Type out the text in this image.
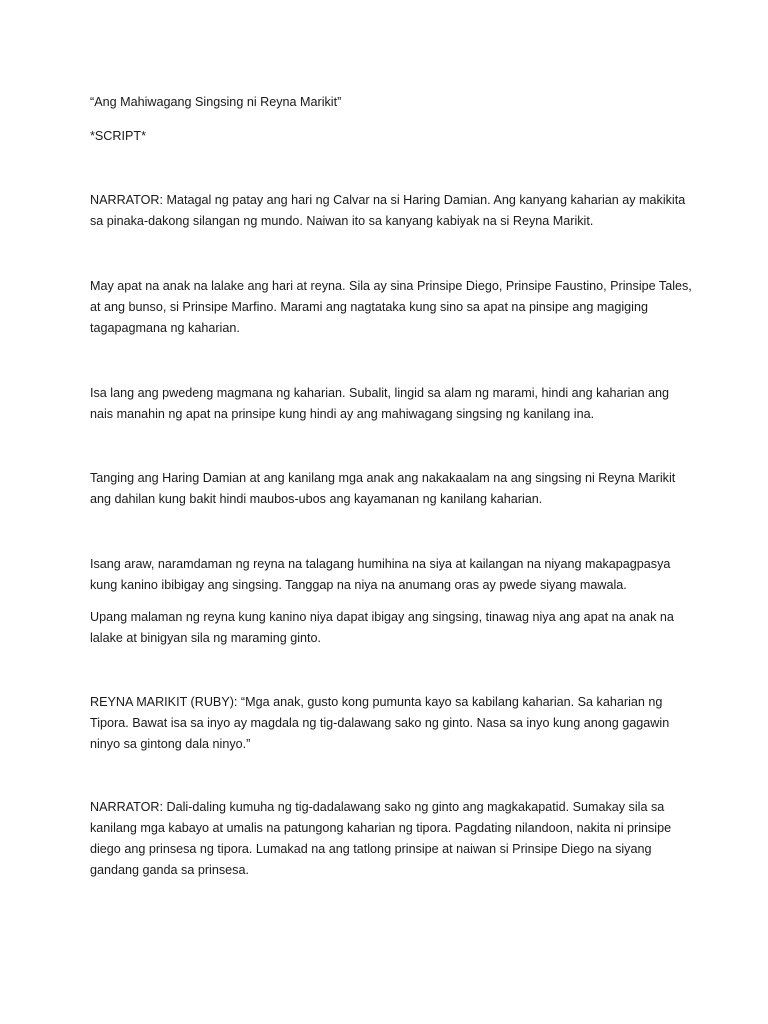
“Ang Mahiwagang Singsing ni Reyna Marikit”

*SCRIPT*

NARRATOR: Matagal ng patay ang hari ng Calvar na si Haring Damian. Ang kanyang kaharian ay makikita
sa pinaka-dakong silangan ng mundo. Naiwan ito sa kanyang kabiyak na si Reyna Marikit.

May apat na anak na lalake ang hari at reyna. Sila ay sina Prinsipe Diego, Prinsipe Faustino, Prinsipe Tales,
at ang bunso, si Prinsipe Marfino. Marami ang nagtataka kung sino sa apat na pinsipe ang magiging
tagapagmana ng kaharian.

Isa lang ang pwedeng magmana ng kaharian. Subalit, lingid sa alam ng marami, hindi ang kaharian ang
nais manahin ng apat na prinsipe kung hindi ay ang mahiwagang singsing ng kanilang ina.

Tanging ang Haring Damian at ang kanilang mga anak ang nakakaalam na ang singsing ni Reyna Marikit
ang dahilan kung bakit hindi maubos-ubos ang kayamanan ng kanilang kaharian.

Isang araw, naramdaman ng reyna na talagang humihina na siya at kailangan na niyang makapagpasya
kung kanino ibibigay ang singsing. Tanggap na niya na anumang oras ay pwede siyang mawala.

Upang malaman ng reyna kung kanino niya dapat ibigay ang singsing, tinawag niya ang apat na anak na
lalake at binigyan sila ng maraming ginto.

REYNA MARIKIT (RUBY): “Mga anak, gusto kong pumunta kayo sa kabilang kaharian. Sa kaharian ng
Tipora. Bawat isa sa inyo ay magdala ng tig-dalawang sako ng ginto. Nasa sa inyo kung anong gagawin
ninyo sa gintong dala ninyo.”

NARRATOR: Dali-daling kumuha ng tig-dadalawang sako ng ginto ang magkakapatid. Sumakay sila sa
kanilang mga kabayo at umalis na patungong kaharian ng tipora. Pagdating nilandoon, nakita ni prinsipe
diego ang prinsesa ng tipora. Lumakad na ang tatlong prinsipe at naiwan si Prinsipe Diego na siyang
gandang ganda sa prinsesa.
